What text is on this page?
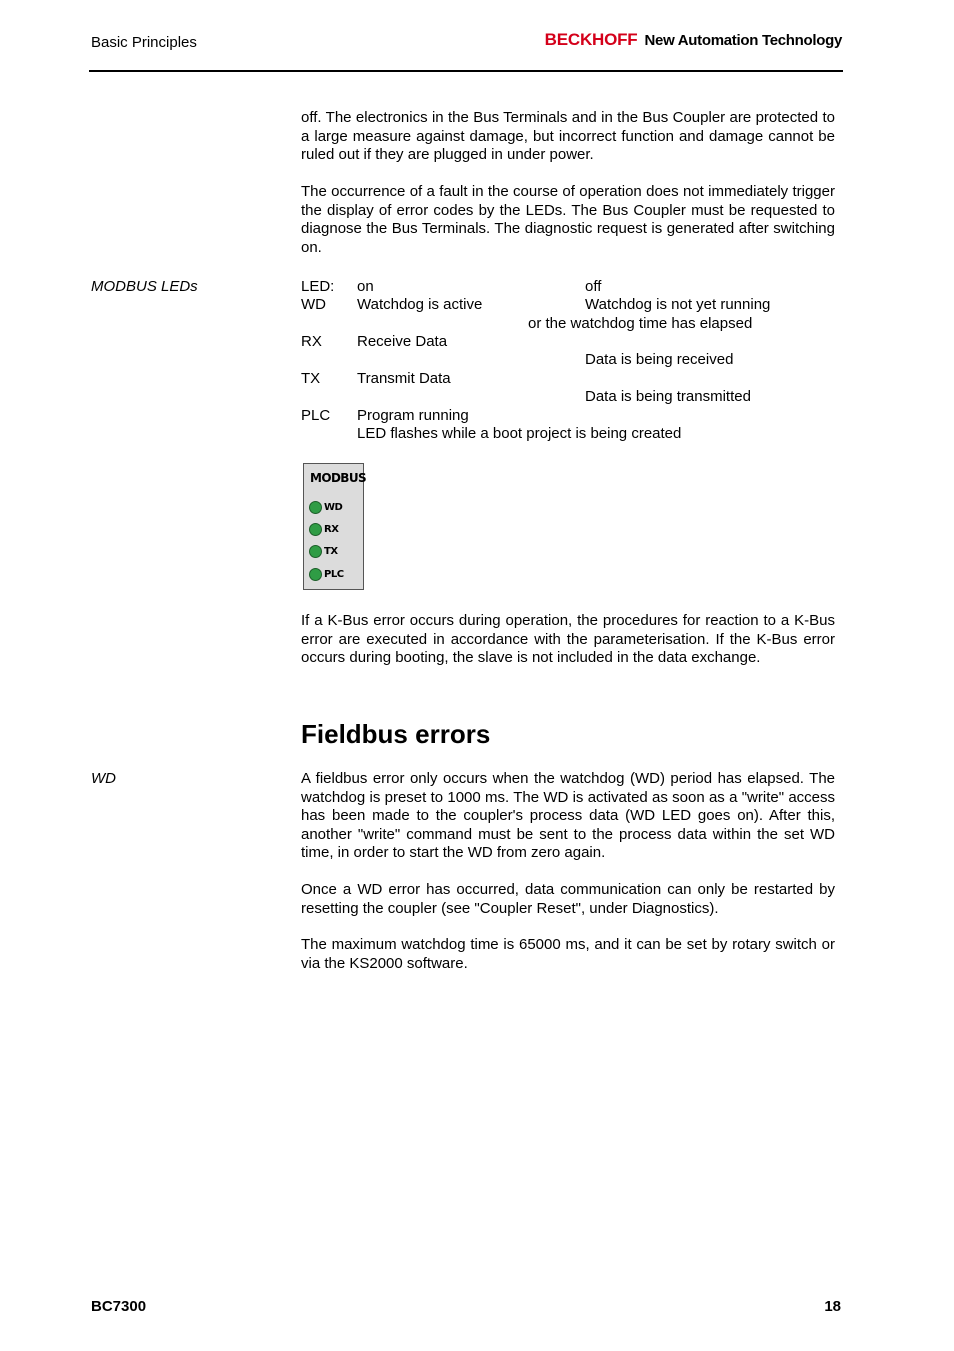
Basic Principles	BECKHOFF New Automation Technology
off. The electronics in the Bus Terminals and in the Bus Coupler are protected to a large measure against damage, but incorrect function and damage cannot be ruled out if they are plugged in under power.
The occurrence of a fault in the course of operation does not immediately trigger the display of error codes by the LEDs. The Bus Coupler must be requested to diagnose the Bus Terminals. The diagnostic request is generated after switching on.
MODBUS LEDs	LED: on	off
WD Watchdog is active	Watchdog is not yet running
or the watchdog time has elapsed
RX Receive Data
Data is being received
TX Transmit Data
Data is being transmitted
PLC Program running
LED flashes while a boot project is being created
MODBUS
WD
RX
TX
PLC
If a K-Bus error occurs during operation, the procedures for reaction to a K-Bus error are executed in accordance with the parameterisation. If the K-Bus error occurs during booting, the slave is not included in the data exchange.
Fieldbus errors
WD	A fieldbus error only occurs when the watchdog (WD) period has elapsed. The watchdog is preset to 1000 ms. The WD is activated as soon as a "write" access has been made to the coupler's process data (WD LED goes on). After this, another "write" command must be sent to the process data within the set WD time, in order to start the WD from zero again.
Once a WD error has occurred, data communication can only be restarted by resetting the coupler (see "Coupler Reset", under Diagnostics).
The maximum watchdog time is 65000 ms, and it can be set by rotary switch or via the KS2000 software.
BC7300	18
